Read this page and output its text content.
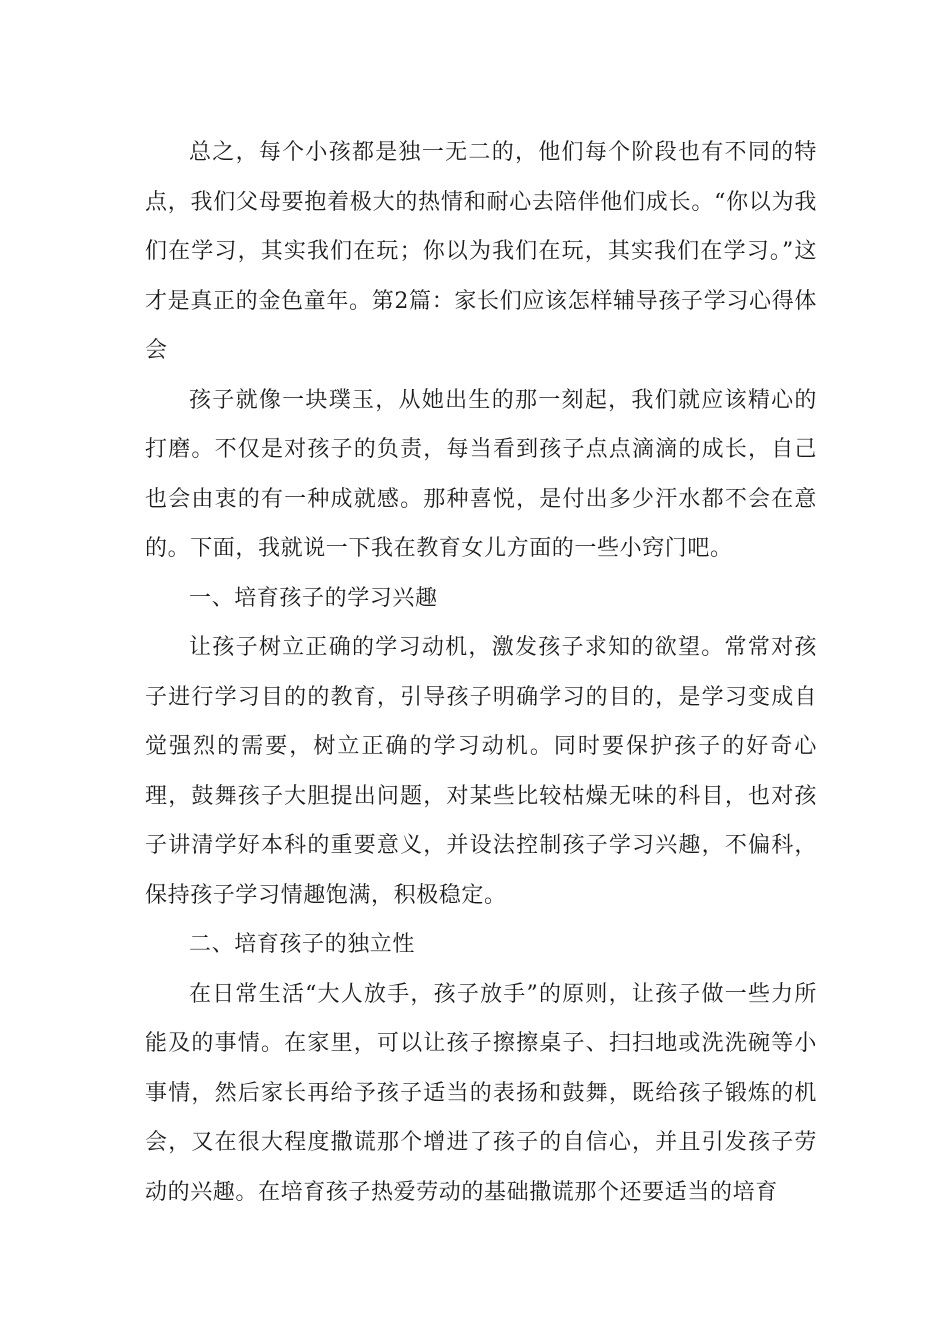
总之，每个小孩都是独一无二的，他们每个阶段也有不同的特点，我们父母要抱着极大的热情和耐心去陪伴他们成长。“你以为我们在学习，其实我们在玩；你以为我们在玩，其实我们在学习。”这才是真正的金色童年。第2篇：家长们应该怎样辅导孩子学习心得体会

孩子就像一块璞玉，从她出生的那一刻起，我们就应该精心的打磨。不仅是对孩子的负责，每当看到孩子点点滴滴的成长，自己也会由衷的有一种成就感。那种喜悦，是付出多少汗水都不会在意的。下面，我就说一下我在教育女儿方面的一些小窍门吧。

一、培育孩子的学习兴趣

让孩子树立正确的学习动机，激发孩子求知的欲望。常常对孩子进行学习目的的教育，引导孩子明确学习的目的，是学习变成自觉强烈的需要，树立正确的学习动机。同时要保护孩子的好奇心理，鼓舞孩子大胆提出问题，对某些比较枯燥无味的科目，也对孩子讲清学好本科的重要意义，并设法控制孩子学习兴趣，不偏科，保持孩子学习情趣饱满，积极稳定。

二、培育孩子的独立性

在日常生活“大人放手，孩子放手”的原则，让孩子做一些力所能及的事情。在家里，可以让孩子擦擦桌子、扫扫地或洗洗碗等小事情，然后家长再给予孩子适当的表扬和鼓舞，既给孩子锻炼的机会，又在很大程度撒谎那个增进了孩子的自信心，并且引发孩子劳动的兴趣。在培育孩子热爱劳动的基础撒谎那个还要适当的培育
